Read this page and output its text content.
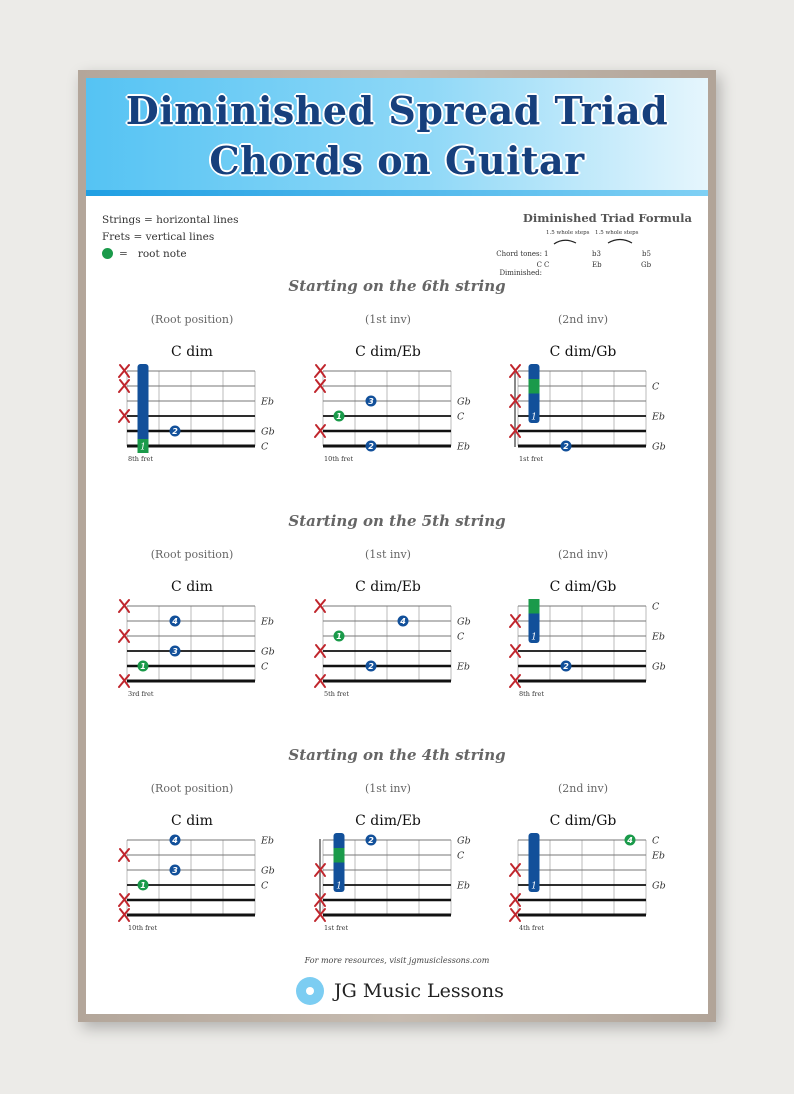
Diminished Spread Triad
Chords on Guitar
Strings = horizontal lines
Frets = vertical lines
= root note
Diminished Triad Formula
1.5 whole steps 1.5 whole steps
Chord tones: 1	b3	b5
C Diminished:
C	Eb	Gb
Starting on the 6th string
(Root position)
C dim
Eb
Gb
C
1
2
8th fret
(1st inv)
C dim/Eb
Gb
C
Eb
3
1
2
10th fret
(2nd inv)
C dim/Gb
C
Eb
Gb
1
2
1st fret
Starting on the 5th string
(Root position)
C dim
Eb
Gb
C
4
3
1
3rd fret
(1st inv)
C dim/Eb
Gb
C
Eb
4
1
2
5th fret
(2nd inv)
C dim/Gb
C
Eb
Gb
1
2
8th fret
Starting on the 4th string
(Root position)
C dim
Eb
Gb
C
4
3
1
10th fret
(1st inv)
C dim/Eb
Gb
C
Eb
1
2
1st fret
(2nd inv)
C dim/Gb
C
Eb
Gb
1
4
4th fret
For more resources, visit jgmusiclessons.com
JG Music Lessons
